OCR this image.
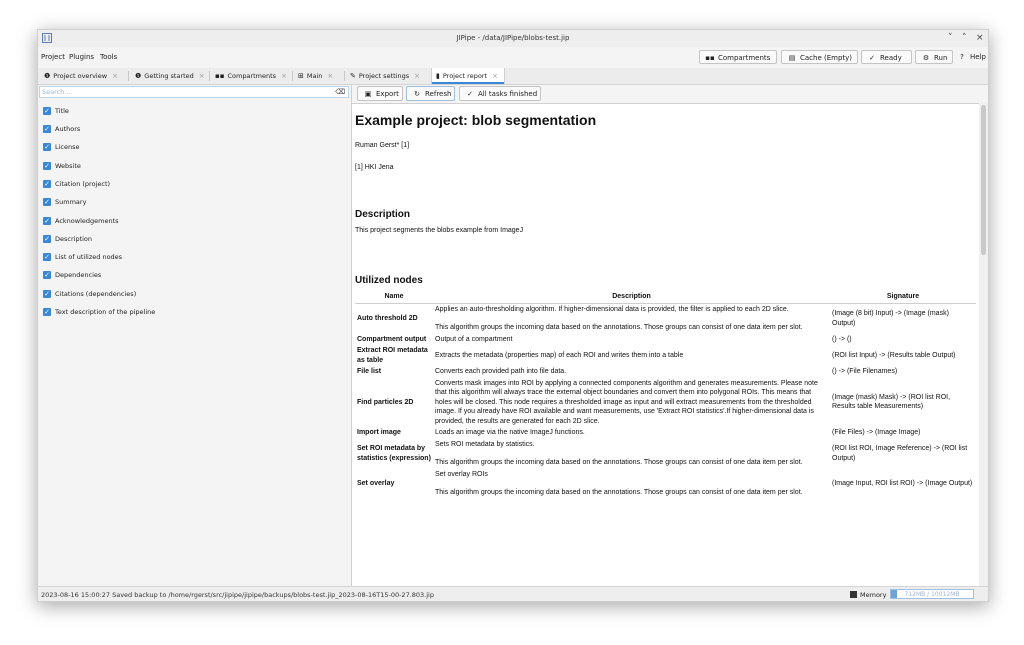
JIPipe - /data/JIPipe/blobs-test.jip	˅ ˄ ×
Project Plugins Tools	▪▪ Compartments	▤ Cache (Empty)	✓ Ready	⚙ Run	? Help
❶ Project overview × ❶ Getting started × ▪▪ Compartments × ⊞ Main × ✎ Project settings ×	▮ Project report ×
Search ...
⌫
✓ Title
✓ Authors
✓ License
✓ Website
✓ Citation (project)
✓ Summary
✓ Acknowledgements
✓ Description
✓ List of utilized nodes
✓ Dependencies
✓ Citations (dependencies)
✓ Text description of the pipeline
▣ Export	↻ Refresh	✓ All tasks finished
Example project: blob segmentation

Ruman Gerst* [1]

[1] HKI Jena

Description

This project segments the blobs example from ImageJ

Utilized nodes
Name	Description	Signature
Auto threshold 2D	Applies an auto-thresholding algorithm. If higher-dimensional data is provided, the filter is applied to each 2D slice.

This algorithm groups the incoming data based on the annotations. Those groups can consist of one data item per slot.	(Image (8 bit) Input) -> (Image (mask) Output)
Compartment output	Output of a compartment	() -> ()
Extract ROI metadata as table	Extracts the metadata (properties map) of each ROI and writes them into a table	(ROI list Input) -> (Results table Output)
File list	Converts each provided path into file data.	() -> (File Filenames)
Find particles 2D	Converts mask images into ROI by applying a connected components algorithm and generates measurements. Please note that this algorithm will always trace the external object boundaries and convert them into polygonal ROIs. This means that holes will be closed. This node requires a thresholded image as input and will extract measurements from the thresholded image. If you already have ROI available and want measurements, use 'Extract ROI statistics'.If higher-dimensional data is provided, the results are generated for each 2D slice.	(Image (mask) Mask) -> (ROI list ROI, Results table Measurements)
Import image	Loads an image via the native ImageJ functions.	(File Files) -> (Image Image)
Set ROI metadata by statistics (expression)	Sets ROI metadata by statistics.

This algorithm groups the incoming data based on the annotations. Those groups can consist of one data item per slot.	(ROI list ROI, Image Reference) -> (ROI list Output)
Set overlay	Set overlay ROIs

This algorithm groups the incoming data based on the annotations. Those groups can consist of one data item per slot.	(Image Input, ROI list ROI) -> (Image Output)
2023-08-16 15:00:27 Saved backup to /home/rgerst/src/jipipe/jipipe/backups/blobs-test.jip_2023-08-16T15-00-27.803.jip	Memory	712MB / 10012MB
